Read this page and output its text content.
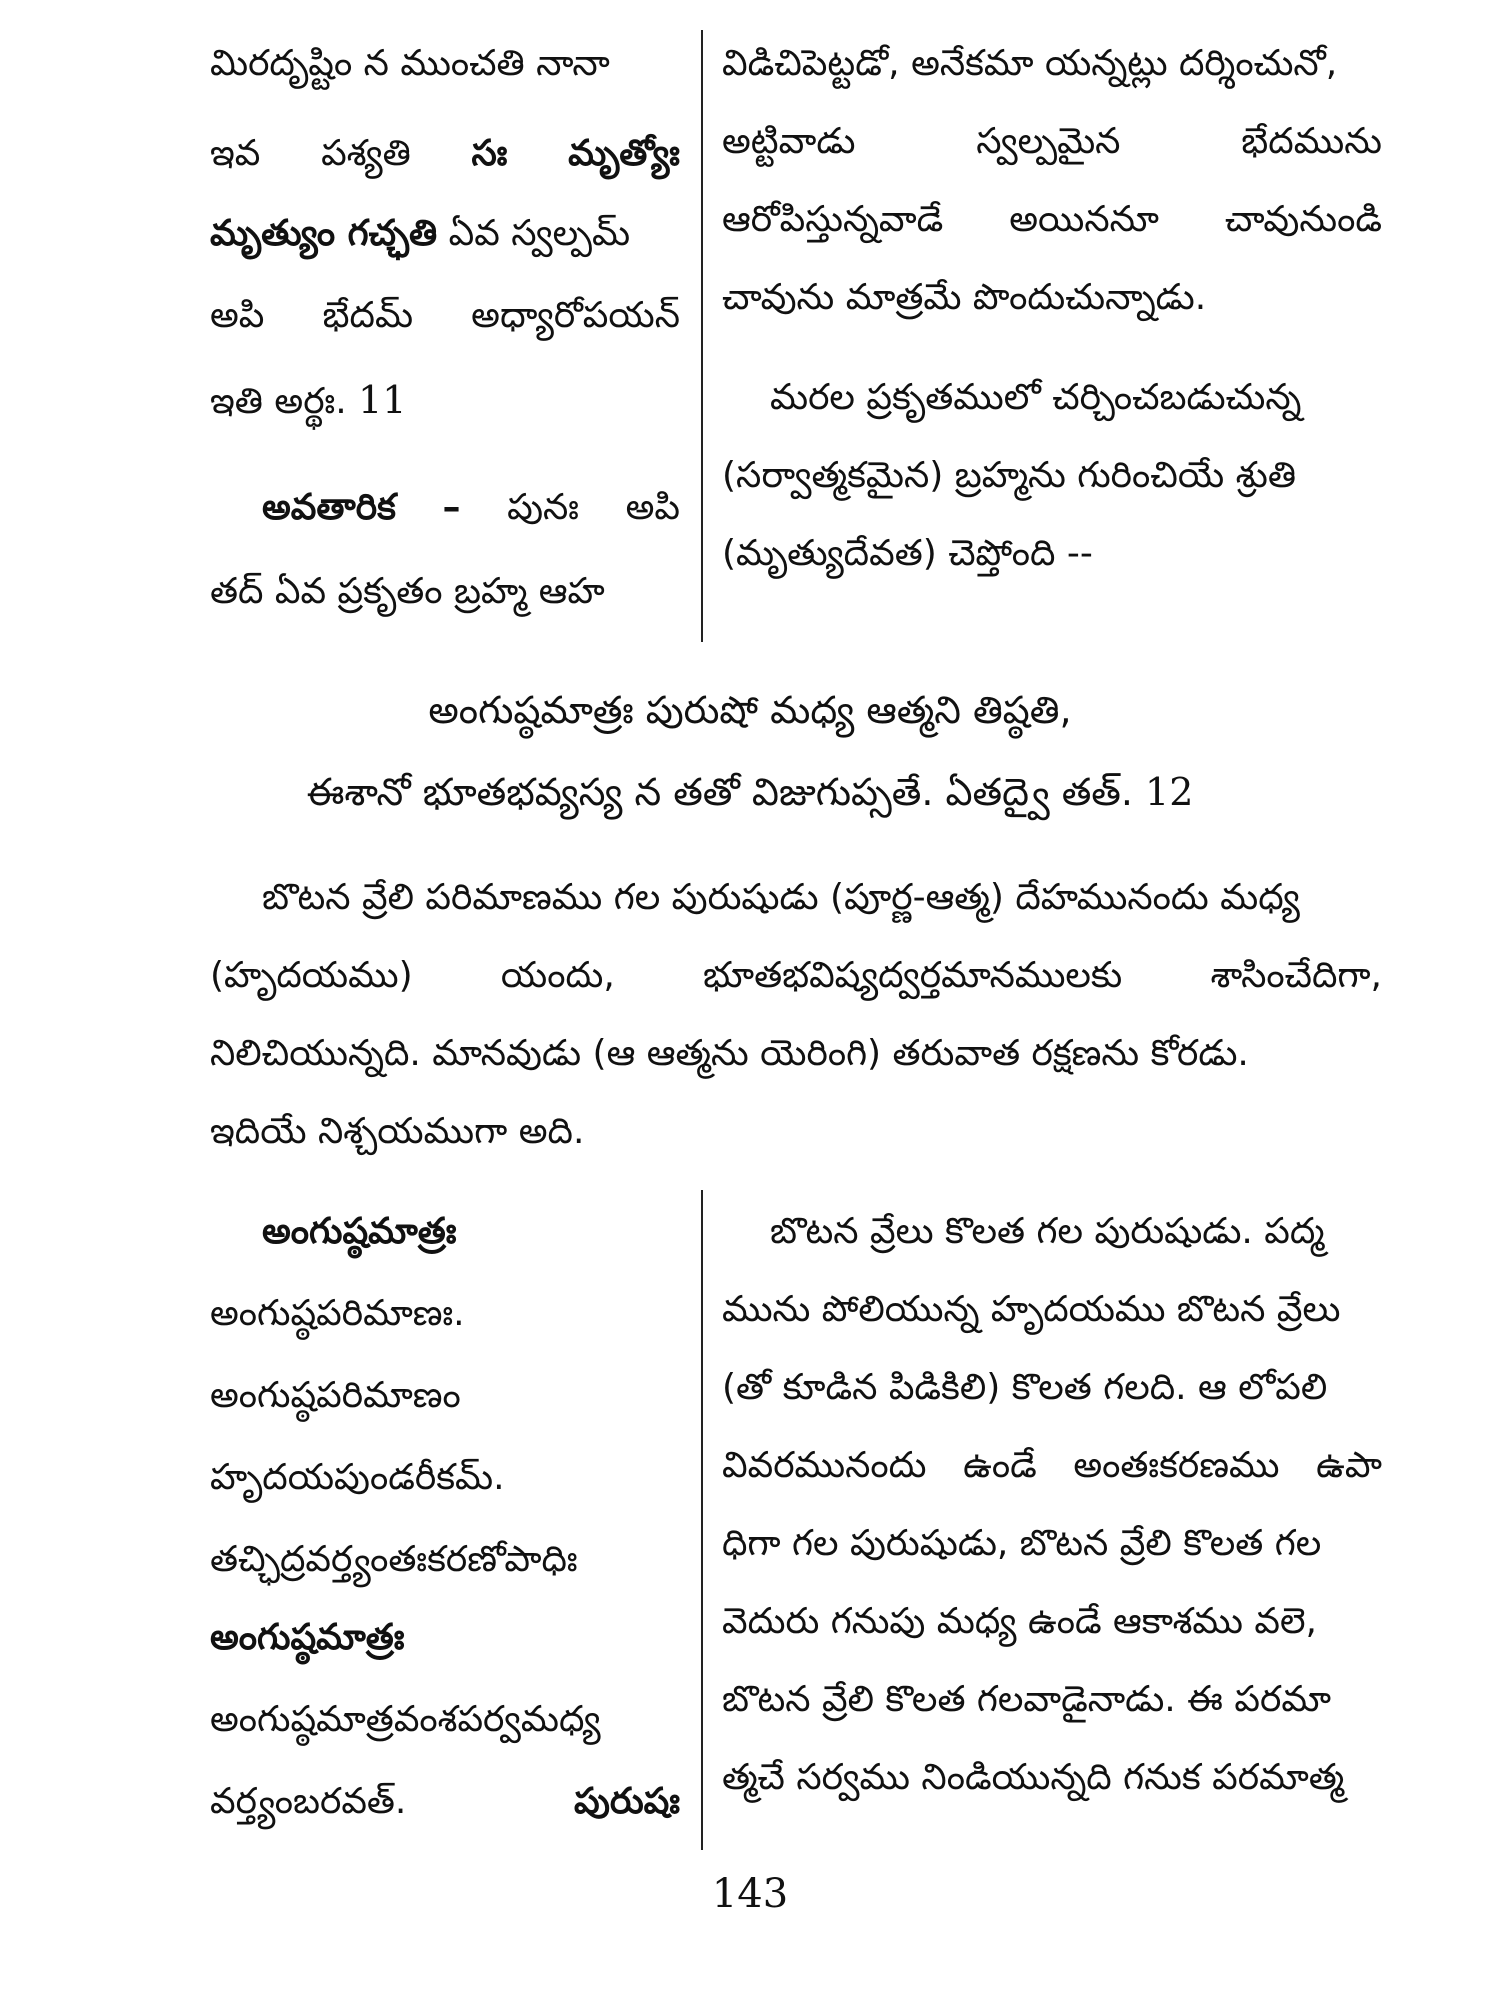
మిరదృష్టిం న ముంచతి నానా
ఇవ పశ్యతి సః మృత్యోః
మృత్యుం గచ్ఛతి ఏవ స్వల్పమ్
అపి భేదమ్ అధ్యారోపయన్
ఇతి అర్థః. 11
అవతారిక – పునః అపి
తద్ ఏవ ప్రకృతం బ్రహ్మ ఆహ
విడిచిపెట్టడో, అనేకమా యన్నట్లు దర్శించునో,
అట్టివాడు	స్వల్పమైన	భేదమును
ఆరోపిస్తున్నవాడే అయిననూ చావునుండి
చావును మాత్రమే పొందుచున్నాడు.
మరల ప్రకృతములో చర్చించబడుచున్న
(సర్వాత్మకమైన) బ్రహ్మను గురించియే శ్రుతి
(మృత్యుదేవత) చెప్తోంది --
అంగుష్ఠమాత్రః పురుషో మధ్య ఆత్మని తిష్ఠతి,
ఈశానో భూతభవ్యస్య న తతో విజుగుప్సతే. ఏతద్వై తత్. 12
బొటన వ్రేలి పరిమాణము గల పురుషుడు (పూర్ణ-ఆత్మ) దేహమునందు మధ్య
(హృదయము) యందు, భూతభవిష్యద్వర్తమానములకు శాసించేదిగా,
నిలిచియున్నది. మానవుడు (ఆ ఆత్మను యెరింగి) తరువాత రక్షణను కోరడు.
ఇదియే నిశ్చయముగా అది.
అంగుష్ఠమాత్రః
అంగుష్ఠపరిమాణః.
అంగుష్ఠపరిమాణం
హృదయపుండరీకమ్.
తచ్ఛిద్రవర్త్యంతఃకరణోపాధిః
అంగుష్ఠమాత్రః
అంగుష్ఠమాత్రవంశపర్వమధ్య
వర్త్యంబరవత్.	పురుషః
బొటన వ్రేలు కొలత గల పురుషుడు. పద్మ
మును పోలియున్న హృదయము బొటన వ్రేలు
(తో కూడిన పిడికిలి) కొలత గలది. ఆ లోపలి
వివరమునందు ఉండే అంతఃకరణము ఉపా
ధిగా గల పురుషుడు, బొటన వ్రేలి కొలత గల
వెదురు గనుపు మధ్య ఉండే ఆకాశము వలె,
బొటన వ్రేలి కొలత గలవాడైనాడు. ఈ పరమా
త్మచే సర్వము నిండియున్నది గనుక పరమాత్మ
143
